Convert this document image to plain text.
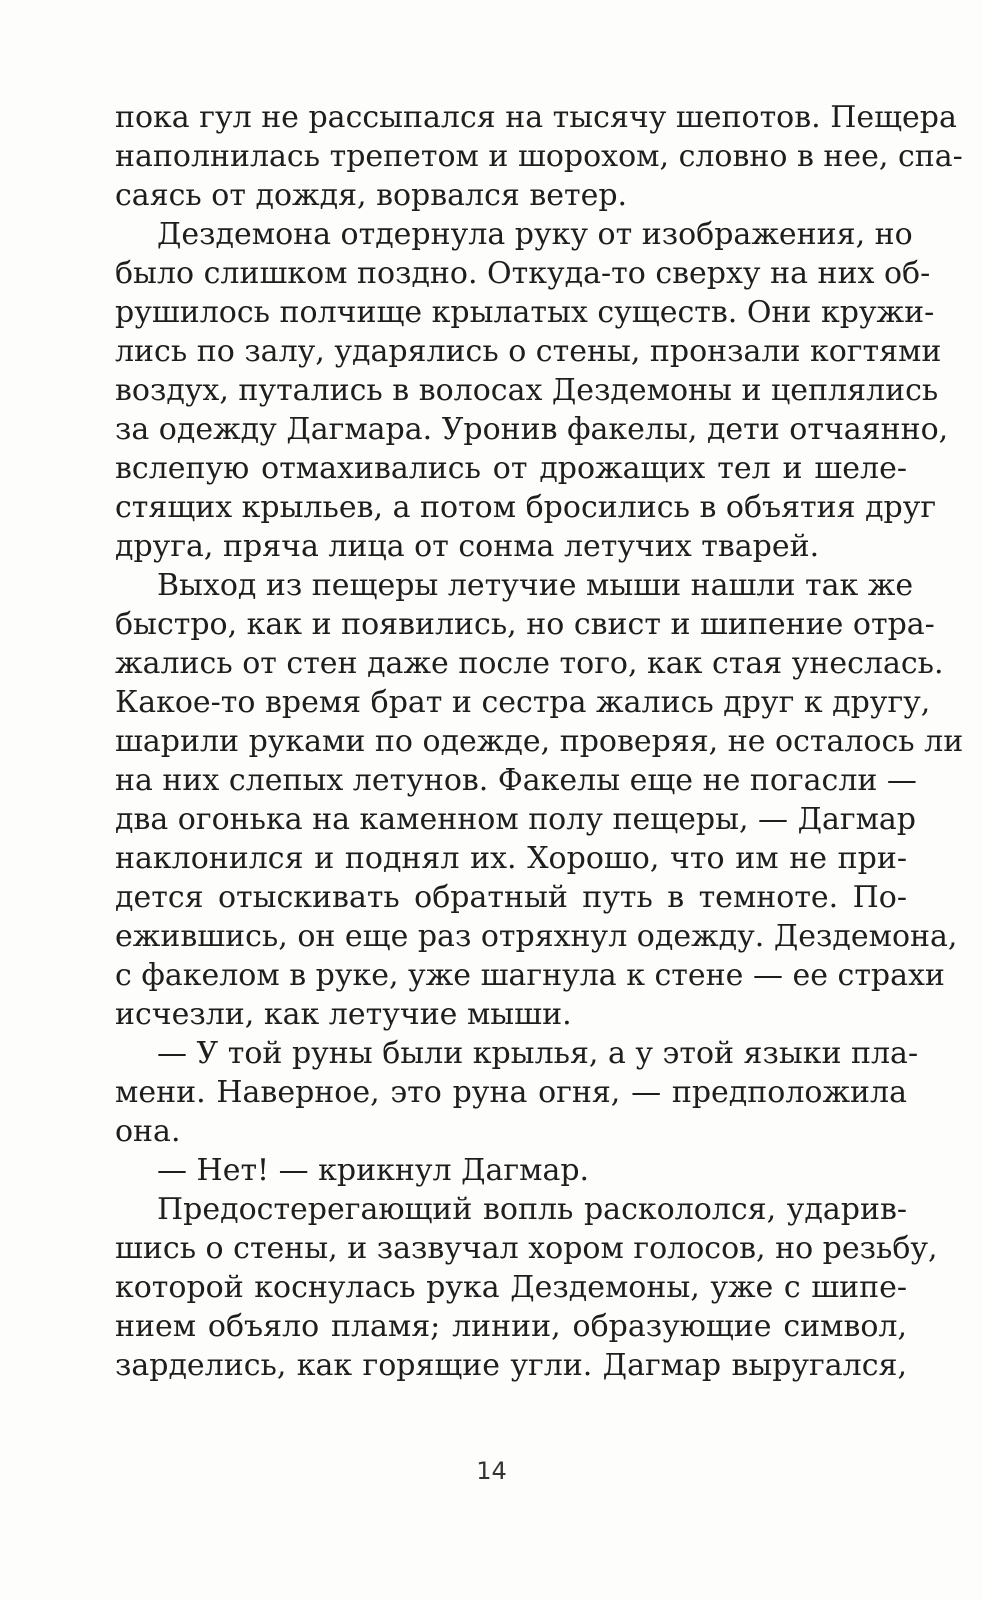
пока гул не рассыпался на тысячу шепотов. Пещера
наполнилась трепетом и шорохом, словно в нее, спа-
саясь от дождя, ворвался ветер.
Дездемона отдернула руку от изображения, но
было слишком поздно. Откуда-то сверху на них об-
рушилось полчище крылатых существ. Они кружи-
лись по залу, ударялись о стены, пронзали когтями
воздух, путались в волосах Дездемоны и цеплялись
за одежду Дагмара. Уронив факелы, дети отчаянно,
вслепую отмахивались от дрожащих тел и шеле-
стящих крыльев, а потом бросились в объятия друг
друга, пряча лица от сонма летучих тварей.
Выход из пещеры летучие мыши нашли так же
быстро, как и появились, но свист и шипение отра-
жались от стен даже после того, как стая унеслась.
Какое-то время брат и сестра жались друг к другу,
шарили руками по одежде, проверяя, не осталось ли
на них слепых летунов. Факелы еще не погасли —
два огонька на каменном полу пещеры, — Дагмар
наклонился и поднял их. Хорошо, что им не при-
дется отыскивать обратный путь в темноте. По-
ежившись, он еще раз отряхнул одежду. Дездемона,
с факелом в руке, уже шагнула к стене — ее страхи
исчезли, как летучие мыши.
— У той руны были крылья, а у этой языки пла-
мени. Наверное, это руна огня, — предположила
она.
— Нет! — крикнул Дагмар.
Предостерегающий вопль раскололся, ударив-
шись о стены, и зазвучал хором голосов, но резьбу,
которой коснулась рука Дездемоны, уже с шипе-
нием объяло пламя; линии, образующие символ,
зарделись, как горящие угли. Дагмар выругался,
14
